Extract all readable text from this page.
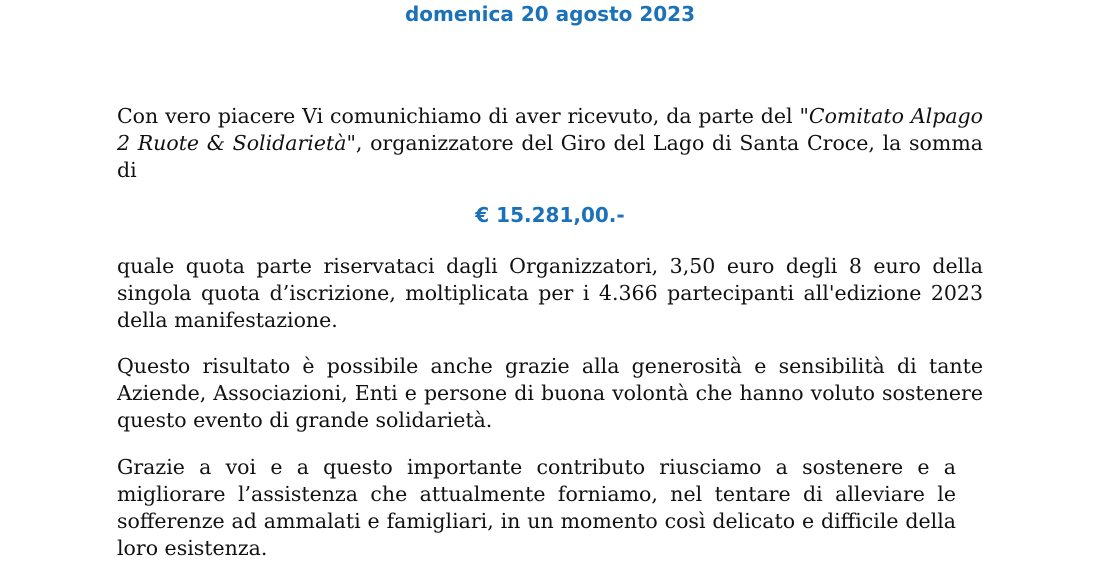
domenica 20 agosto 2023

Con vero piacere Vi comunichiamo di aver ricevuto, da parte del "Comitato Alpago 2 Ruote & Solidarietà", organizzatore del Giro del Lago di Santa Croce, la somma di

€ 15.281,00.-

quale quota parte riservataci dagli Organizzatori, 3,50 euro degli 8 euro della singola quota d’iscrizione, moltiplicata per i 4.366 partecipanti all'edizione 2023 della manifestazione.

Questo risultato è possibile anche grazie alla generosità e sensibilità di tante Aziende, Associazioni, Enti e persone di buona volontà che hanno voluto sostenere questo evento di grande solidarietà.

Grazie a voi e a questo importante contributo riusciamo a sostenere e a migliorare l’assistenza che attualmente forniamo, nel tentare di alleviare le sofferenze ad ammalati e famigliari, in un momento così delicato e difficile della loro esistenza.
